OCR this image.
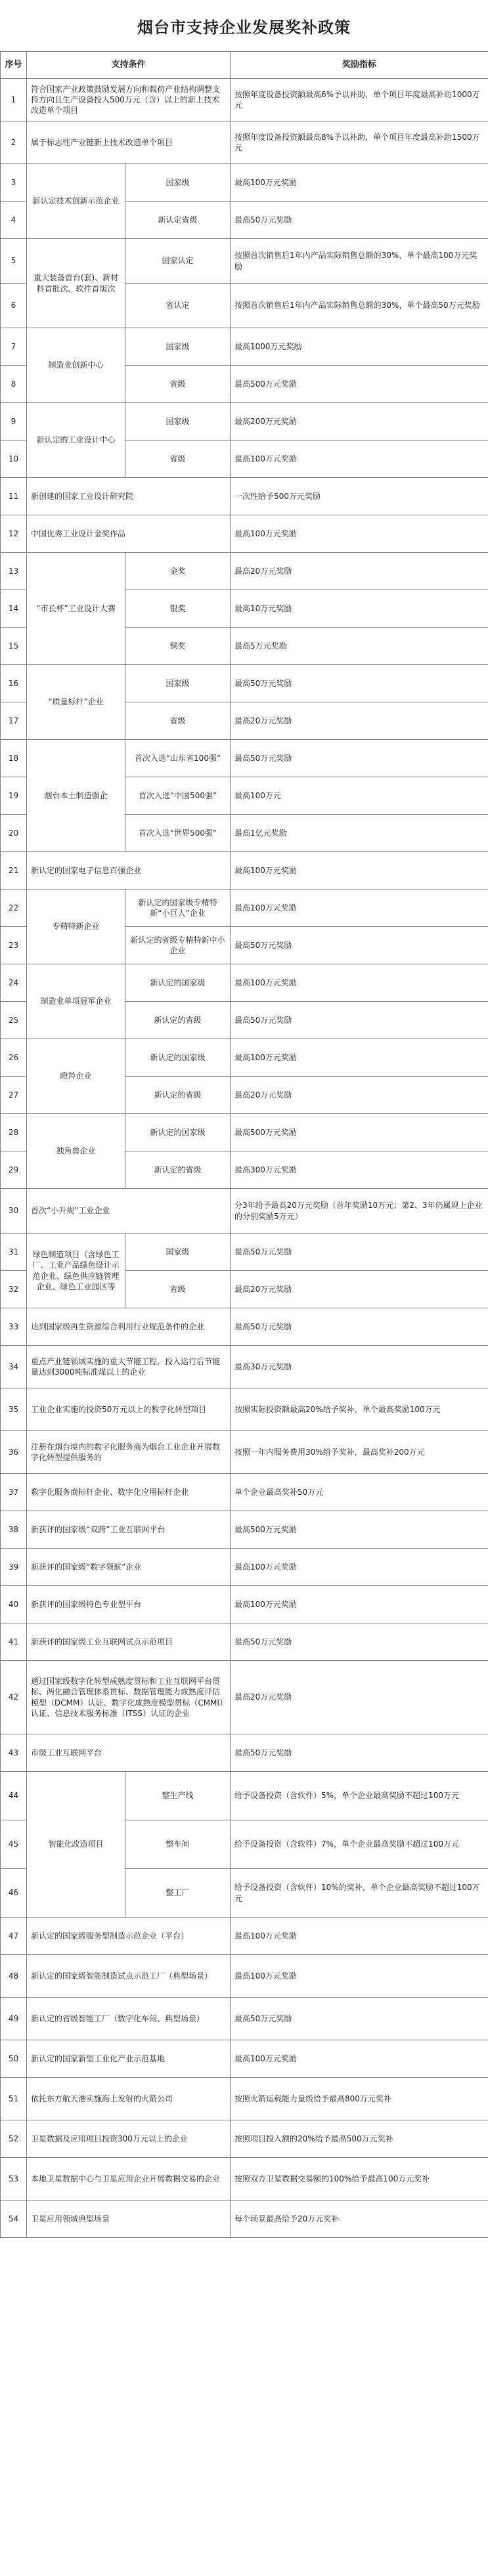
烟台市支持企业发展奖补政策
序号	支持条件		奖励指标
1	符合国家产业政策鼓励发展方向和载荷产业结构调整支持方向且生产设备投入500万元（含）以上的新上技术改造单个项目		按照年度设备投资额最高6%予以补助，单个项目年度最高补助1000万元
2	属于标志性产业链新上技术改造单个项目		按照年度设备投资额最高8%予以补助，单个项目年度最高补助1500万元
3	新认定技术创新示范企业	国家级	最高100万元奖励
4		新认定省级	最高50万元奖励
5	重大装备首台(套)、新材料首批次、软件首版次	国家认定	按照首次销售后1年内产品实际销售总额的30%，单个最高100万元奖励
6		省认定	按照首次销售后1年内产品实际销售总额的30%，单个最高50万元奖励
7	制造业创新中心	国家级	最高1000万元奖励
8		省级	最高500万元奖励
9	新认定的工业设计中心	国家级	最高200万元奖励
10		省级	最高100万元奖励
11	新创建的国家工业设计研究院		一次性给予500万元奖励
12	中国优秀工业设计金奖作品		最高100万元奖励
13	“市长杯”工业设计大赛	金奖	最高20万元奖励
14		银奖	最高10万元奖励
15		铜奖	最高5万元奖励
16	“质量标杆”企业	国家级	最高50万元奖励
17		省级	最高20万元奖励
18	烟台本土制造强企	首次入选“山东省100强”	最高50万元奖励
19		首次入选“中国500强”	最高100万元
20		首次入选“世界500强”	最高1亿元奖励
21	新认定的国家电子信息百强企业		最高100万元奖励
22	专精特新企业	新认定的国家级专精特新“小巨人”企业	最高100万元奖励
23		新认定的省级专精特新中小企业	最高50万元奖励
24	制造业单项冠军企业	新认定的国家级	最高100万元奖励
25		新认定的省级	最高50万元奖励
26	瞪羚企业	新认定的国家级	最高100万元奖励
27		新认定的省级	最高20万元奖励
28	独角兽企业	新认定的国家级	最高500万元奖励
29		新认定的省级	最高300万元奖励
30	首次“小升规”工业企业		分3年给予最高20万元奖励（首年奖励10万元；第2、3年仍属规上企业的分别奖励5万元）
31	绿色制造项目（含绿色工厂、工业产品绿色设计示范企业、绿色供应链管理企业、绿色工业园区等	国家级	最高50万元奖励
32		省级	最高20万元奖励
33	达到国家级再生资源综合利用行业规范条件的企业		最高50万元奖励
34	重点产业链领域实施的重大节能工程，投入运行后节能量达到3000吨标准煤以上的企业		最高30万元奖励
35	工业企业实施的投资50万元以上的数字化转型项目		按照实际投资额最高20%给予奖补，单个最高奖励100万元
36	注册在烟台境内的数字化服务商为烟台工业企业开展数字化转型提供服务的		按照一年内服务费用30%给予奖补，最高奖补200万元
37	数字化服务商标杆企业、数字化应用标杆企业		单个企业最高奖补50万元
38	新获评的国家级“双跨”工业互联网平台		最高500万元奖励
39	新获评的国家级“数字领航”企业		最高100万元奖励
40	新获评的国家级特色专业型平台		最高100万元奖励
41	新获评的国家级工业互联网试点示范项目		最高50万元奖励
42	通过国家级数字化转型成熟度贯标和工业互联网平台贯标、两化融合管理体系贯标、数据管理能力成熟度评估模型（DCMM）认证、数字化成熟度模型贯标（CMMI）认证、信息技术服务标准（ITSS）认证的企业		最高20万元奖励
43	市级工业互联网平台		最高50万元奖励
44	智能化改造项目	整生产线	给予设备投资（含软件）5%，单个企业最高奖励不超过100万元
45		整车间	给予设备投资（含软件）7%，单个企业最高奖励不超过100万元
46		整工厂	给予设备投资（含软件）10%的奖补，单个企业最高奖励不超过100万元
47	新认定的国家级服务型制造示范企业（平台）		最高100万元奖励
48	新认定的国家级智能制造试点示范工厂（典型场景）		最高100万元奖励
49	新认定的省级智能工厂（数字化车间、典型场景）		最高50万元奖励
50	新认定的国家新型工业化产业示范基地		最高100万元奖励
51	依托东方航天港实施海上发射的火箭公司		按照火箭运载能力量级给予最高800万元奖补
52	卫星数据及应用项目投资300万元以上的企业		按照项目投入额的20%给予最高500万元奖补
53	本地卫星数据中心与卫星应用企业开展数据交易的企业		按照双方卫星数据交易额的100%给予最高100万元奖补
54	卫星应用领域典型场景		每个场景最高给予20万元奖补
